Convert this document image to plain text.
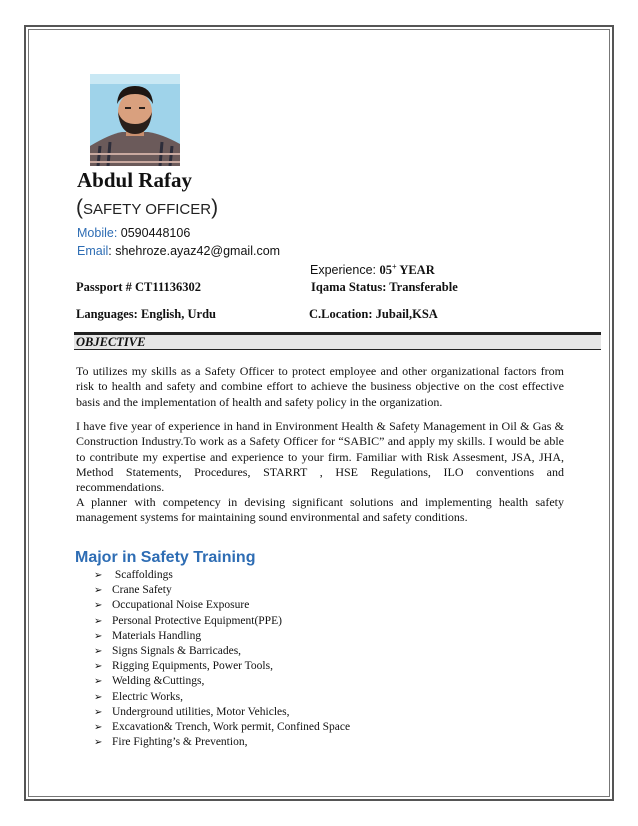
Abdul Rafay
(SAFETY OFFICER)
Mobile: 0590448106
Email: shehroze.ayaz42@gmail.com
Experience: 05+ YEAR
Passport # CT11136302	Iqama Status: Transferable
Languages: English, Urdu	C.Location: Jubail,KSA
OBJECTIVE
To utilizes my skills as a Safety Officer to protect employee and other organizational factors from risk to health and safety and combine effort to achieve the business objective on the cost effective basis and the implementation of health and safety policy in the organization.
I have five year of experience in hand in Environment Health & Safety Management in Oil & Gas & Construction Industry.To work as a Safety Officer for “SABIC” and apply my skills. I would be able to contribute my expertise and experience to your firm. Familiar with Risk Assesment, JSA, JHA, Method Statements, Procedures, STARRT , HSE Regulations, ILO conventions and recommendations.
A planner with competency in devising significant solutions and implementing health safety management systems for maintaining sound environmental and safety conditions.
Major in Safety Training
➢ Scaffoldings
➢ Crane Safety
➢ Occupational Noise Exposure
➢ Personal Protective Equipment(PPE)
➢ Materials Handling
➢ Signs Signals & Barricades,
➢ Rigging Equipments, Power Tools,
➢ Welding &Cuttings,
➢ Electric Works,
➢ Underground utilities, Motor Vehicles,
➢ Excavation& Trench, Work permit, Confined Space
➢ Fire Fighting’s & Prevention,
